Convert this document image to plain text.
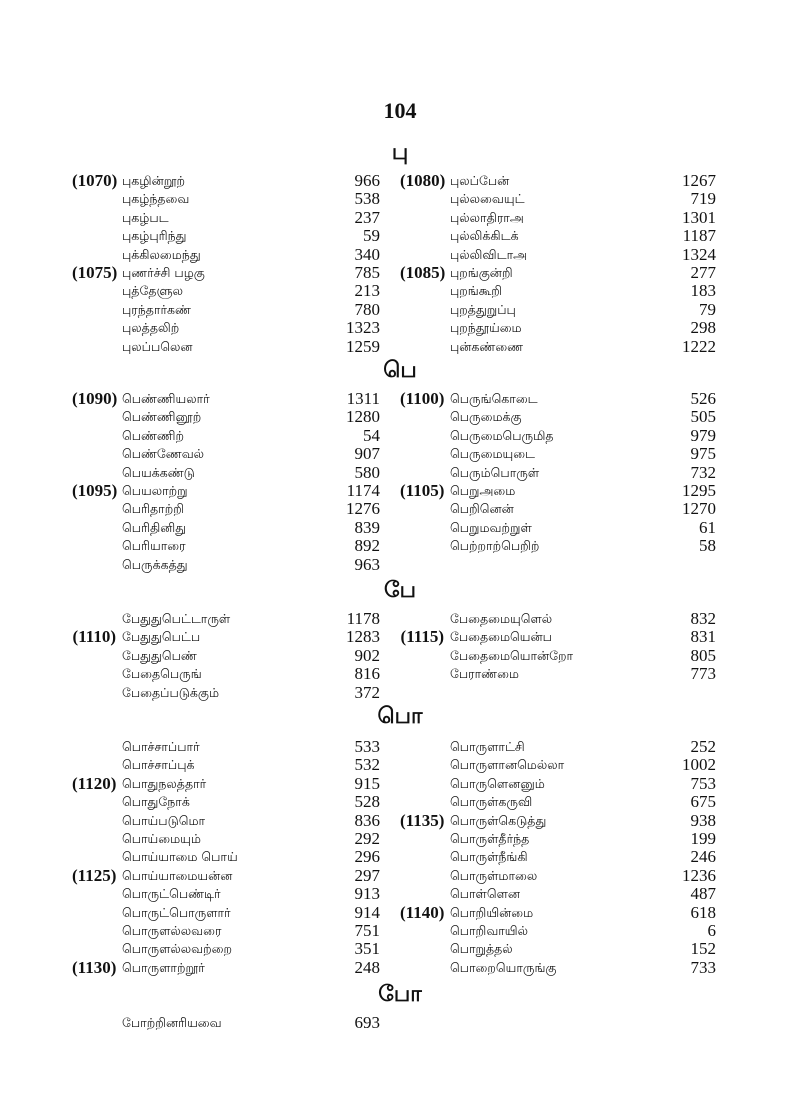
104
பு
(1070) புகழின்றூற்	966
புகழ்ந்தவை	538
புகழ்பட	237
புகழ்புரிந்து	59
புக்கிலமைந்து	340
(1075) புணர்ச்சி பழகு	785
புத்தேளுல	213
புரந்தார்கண்	780
புலத்தலிற்	1323
புலப்பலென	1259
(1080) புலப்பேன்	1267
புல்லவையுட்	719
புல்லாதிராஅ	1301
புல்லிக்கிடக்	1187
புல்லிவிடாஅ	1324
(1085) புறங்குன்றி	277
புறங்கூறி	183
புறத்துறுப்பு	79
புறந்தூய்மை	298
புன்கண்ணை	1222
பெ
(1090) பெண்ணியலார்	1311
பெண்ணினூற்	1280
பெண்ணிற்	54
பெண்ணேவல்	907
பெயக்கண்டு	580
(1095) பெயலாற்று	1174
பெரிதாற்றி	1276
பெரிதினிது	839
பெரியாரை	892
பெருக்கத்து	963
(1100) பெருங்கொடை	526
பெருமைக்கு	505
பெருமைபெருமித	979
பெருமையுடை	975
பெரும்பொருள்	732
(1105) பெறுஅமை	1295
பெறினென்	1270
பெறுமவற்றுள்	61
பெற்றாற்பெறிற்	58
பே
பேதுதுபெட்டாருள்	1178
(1110) பேதுதுபெட்ப	1283
பேதுதுபெண்	902
பேதைபெருங்	816
பேதைப்படுக்கும்	372
பேதைமையுளெல்	832
(1115) பேதைமையென்ப	831
பேதைமையொன்றோ	805
பேராண்மை	773
பொ
பொச்சாப்பார்	533
பொச்சாப்புக்	532
(1120) பொதுநலத்தார்	915
பொதுநோக்	528
பொய்படுமொ	836
பொய்மையும்	292
பொய்யாமை பொய்	296
(1125) பொய்யாமையன்ன	297
பொருட்பெண்டிர்	913
பொருட்பொருளார்	914
பொருளல்லவரை	751
பொருளல்லவற்றை	351
(1130) பொருளாற்றூர்	248
பொருளாட்சி	252
பொருளானமெல்லா	1002
பொருளெனனும்	753
பொருள்கருவி	675
(1135) பொருள்கெடுத்து	938
பொருள்தீர்ந்த	199
பொருள்நீங்கி	246
பொருள்மாலை	1236
பொள்ளென	487
(1140) பொறியின்மை	618
பொறிவாயில்	6
பொறுத்தல்	152
பொறையொருங்கு	733
போ
போற்றினரியவை	693
